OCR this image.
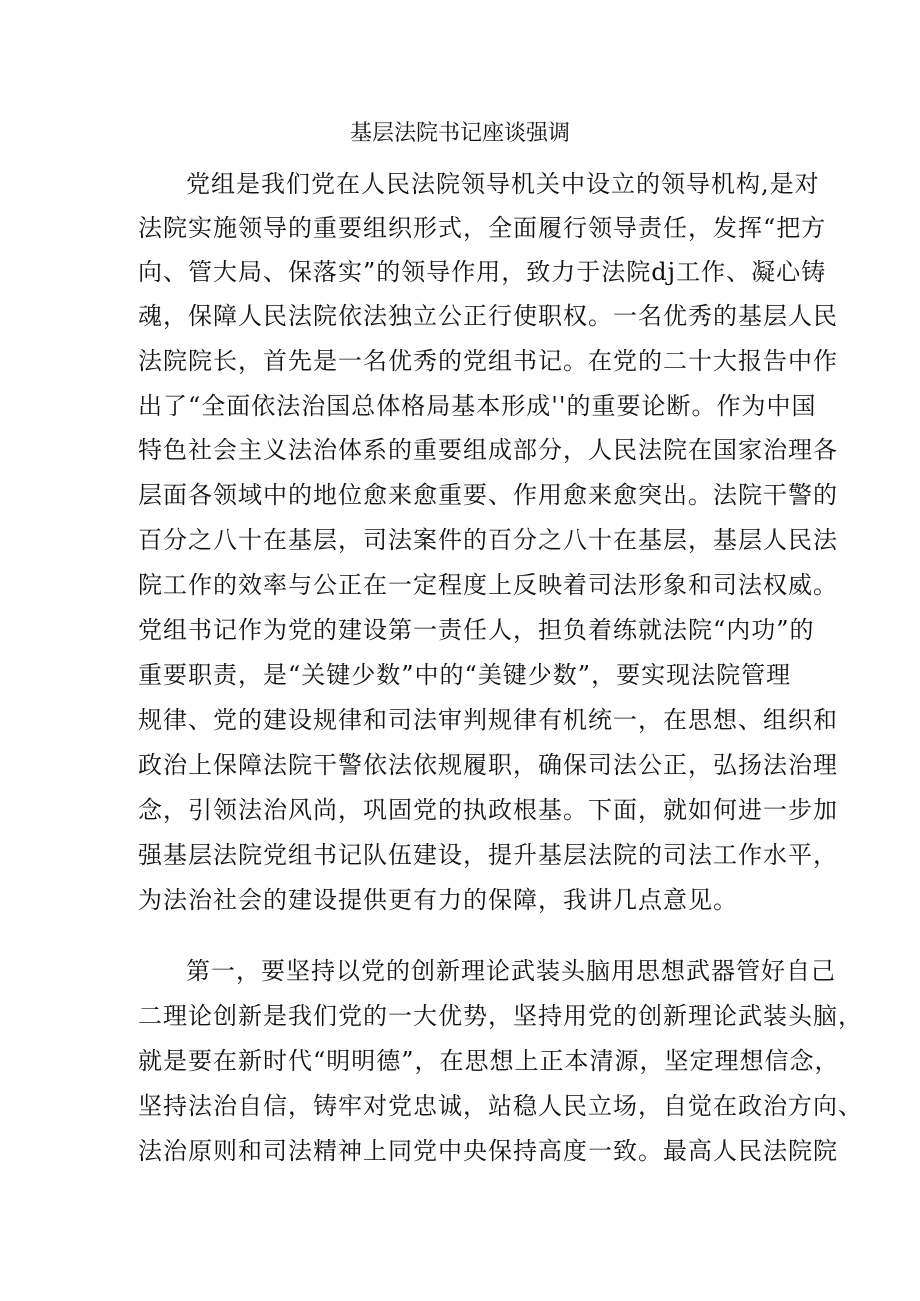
基层法院书记座谈强调
党组是我们党在人民法院领导机关中设立的领导机构,是对
法院实施领导的重要组织形式，全面履行领导责任，发挥“把方
向、管大局、保落实”的领导作用，致力于法院dj工作、凝心铸
魂，保障人民法院依法独立公正行使职权。一名优秀的基层人民
法院院长，首先是一名优秀的党组书记。在党的二十大报告中作
出了“全面依法治国总体格局基本形成''的重要论断。作为中国
特色社会主义法治体系的重要组成部分，人民法院在国家治理各
层面各领域中的地位愈来愈重要、作用愈来愈突出。法院干警的
百分之八十在基层，司法案件的百分之八十在基层，基层人民法
院工作的效率与公正在一定程度上反映着司法形象和司法权威。
党组书记作为党的建设第一责任人，担负着练就法院“内功”的
重要职责，是“关键少数”中的“美键少数”，要实现法院管理
规律、党的建设规律和司法审判规律有机统一，在思想、组织和
政治上保障法院干警依法依规履职，确保司法公正，弘扬法治理
念，引领法治风尚，巩固党的执政根基。下面，就如何进一步加
强基层法院党组书记队伍建设，提升基层法院的司法工作水平，
为法治社会的建设提供更有力的保障，我讲几点意见。
第一，要坚持以党的创新理论武装头脑用思想武器管好自己
二理论创新是我们党的一大优势，坚持用党的创新理论武装头脑，
就是要在新时代“明明德”，在思想上正本清源，坚定理想信念，
坚持法治自信，铸牢对党忠诚，站稳人民立场，自觉在政治方向、
法治原则和司法精神上同党中央保持高度一致。最高人民法院院
